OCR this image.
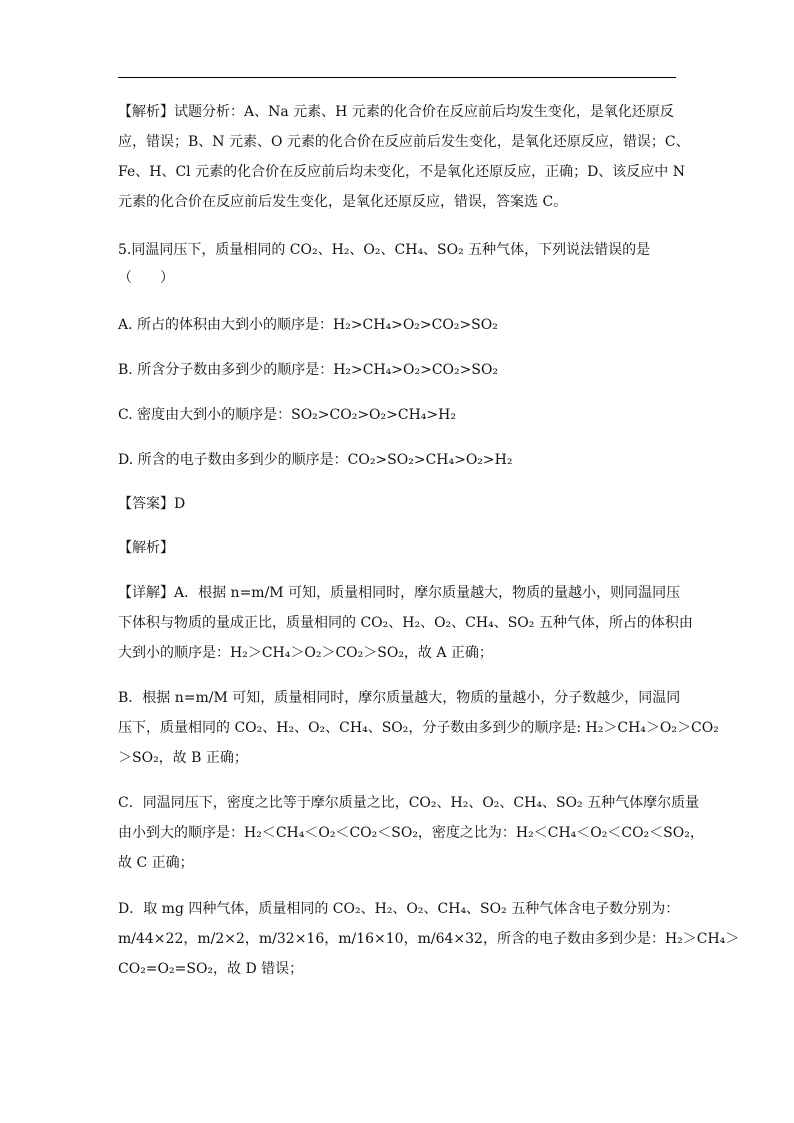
【解析】试题分析：A、Na 元素、H 元素的化合价在反应前后均发生变化，是氧化还原反
应，错误；B、N 元素、O 元素的化合价在反应前后发生变化，是氧化还原反应，错误；C、
Fe、H、Cl 元素的化合价在反应前后均未变化，不是氧化还原反应，正确；D、该反应中 N
元素的化合价在反应前后发生变化，是氧化还原反应，错误，答案选 C。
5.同温同压下，质量相同的 CO₂、H₂、O₂、CH₄、SO₂ 五种气体，下列说法错误的是
（　　）
A. 所占的体积由大到小的顺序是：H₂>CH₄>O₂>CO₂>SO₂
B. 所含分子数由多到少的顺序是：H₂>CH₄>O₂>CO₂>SO₂
C. 密度由大到小的顺序是：SO₂>CO₂>O₂>CH₄>H₂
D. 所含的电子数由多到少的顺序是：CO₂>SO₂>CH₄>O₂>H₂
【答案】D
【解析】
【详解】A．根据 n=m/M 可知，质量相同时，摩尔质量越大，物质的量越小，则同温同压
下体积与物质的量成正比，质量相同的 CO₂、H₂、O₂、CH₄、SO₂ 五种气体，所占的体积由
大到小的顺序是：H₂＞CH₄＞O₂＞CO₂＞SO₂，故 A 正确；
B．根据 n=m/M 可知，质量相同时，摩尔质量越大，物质的量越小，分子数越少，同温同
压下，质量相同的 CO₂、H₂、O₂、CH₄、SO₂，分子数由多到少的顺序是: H₂＞CH₄＞O₂＞CO₂
＞SO₂，故 B 正确；
C．同温同压下，密度之比等于摩尔质量之比，CO₂、H₂、O₂、CH₄、SO₂ 五种气体摩尔质量
由小到大的顺序是：H₂＜CH₄＜O₂＜CO₂＜SO₂，密度之比为：H₂＜CH₄＜O₂＜CO₂＜SO₂，
故 C 正确；
D．取 mg 四种气体，质量相同的 CO₂、H₂、O₂、CH₄、SO₂ 五种气体含电子数分别为：
m/44×22，m/2×2，m/32×16，m/16×10，m/64×32，所含的电子数由多到少是：H₂＞CH₄＞
CO₂=O₂=SO₂，故 D 错误；
